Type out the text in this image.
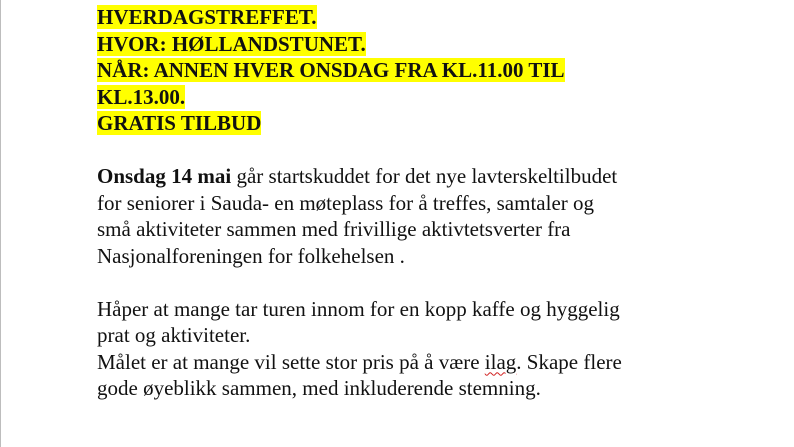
HVERDAGSTREFFET.
HVOR: HØLLANDSTUNET.
NÅR: ANNEN HVER ONSDAG FRA KL.11.00 TIL
KL.13.00.
GRATIS TILBUD
Onsdag 14 mai går startskuddet for det nye lavterskeltilbudet
for seniorer i Sauda- en møteplass for å treffes, samtaler og
små aktiviteter sammen med frivillige aktivtetsverter fra
Nasjonalforeningen for folkehelsen .
Håper at mange tar turen innom for en kopp kaffe og hyggelig
prat og aktiviteter.
Målet er at mange vil sette stor pris på å være ilag. Skape flere
gode øyeblikk sammen, med inkluderende stemning.
